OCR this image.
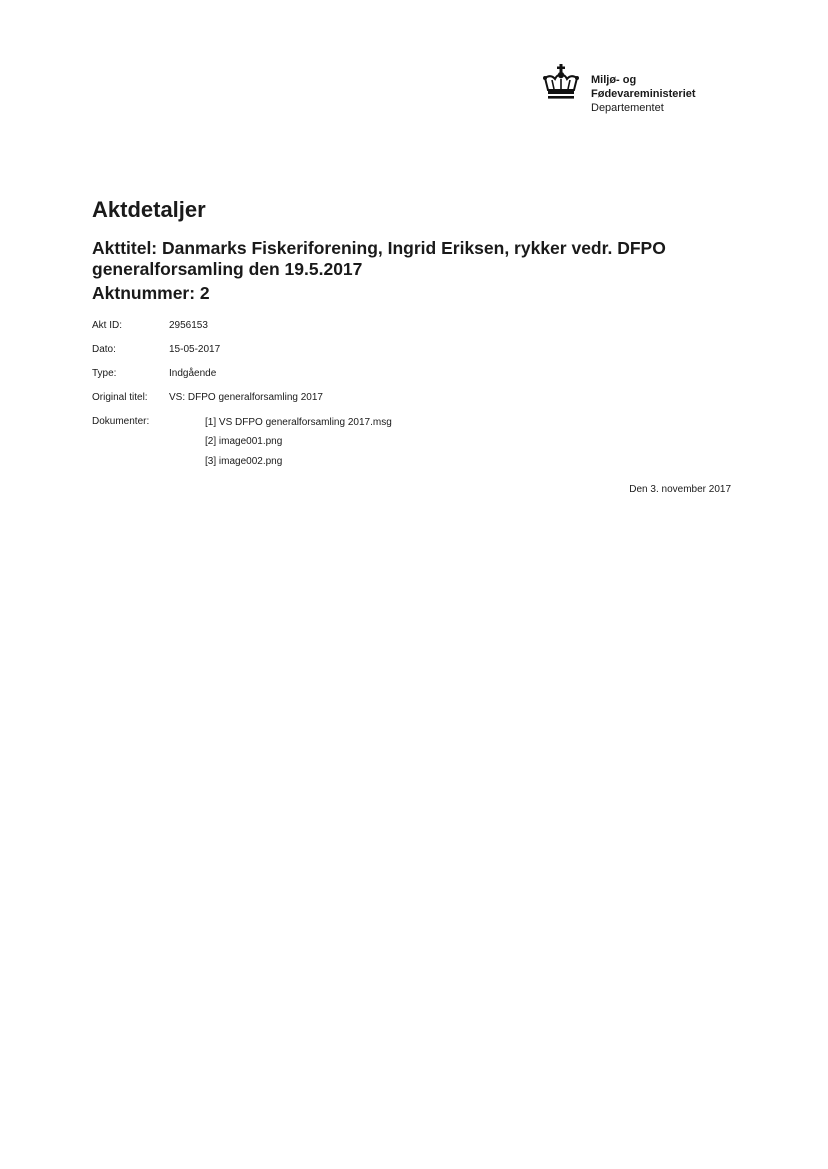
Miljø- og
Fødevareministeriet
Departementet
Aktdetaljer
Akttitel: Danmarks Fiskeriforening, Ingrid Eriksen, rykker vedr. DFPO generalforsamling den 19.5.2017
Aktnummer: 2
Akt ID:	2956153
Dato:	15-05-2017
Type:	Indgående
Original titel: VS: DFPO generalforsamling 2017
Dokumenter:	[1] VS DFPO generalforsamling 2017.msg
[2] image001.png
[3] image002.png
Den 3. november 2017
